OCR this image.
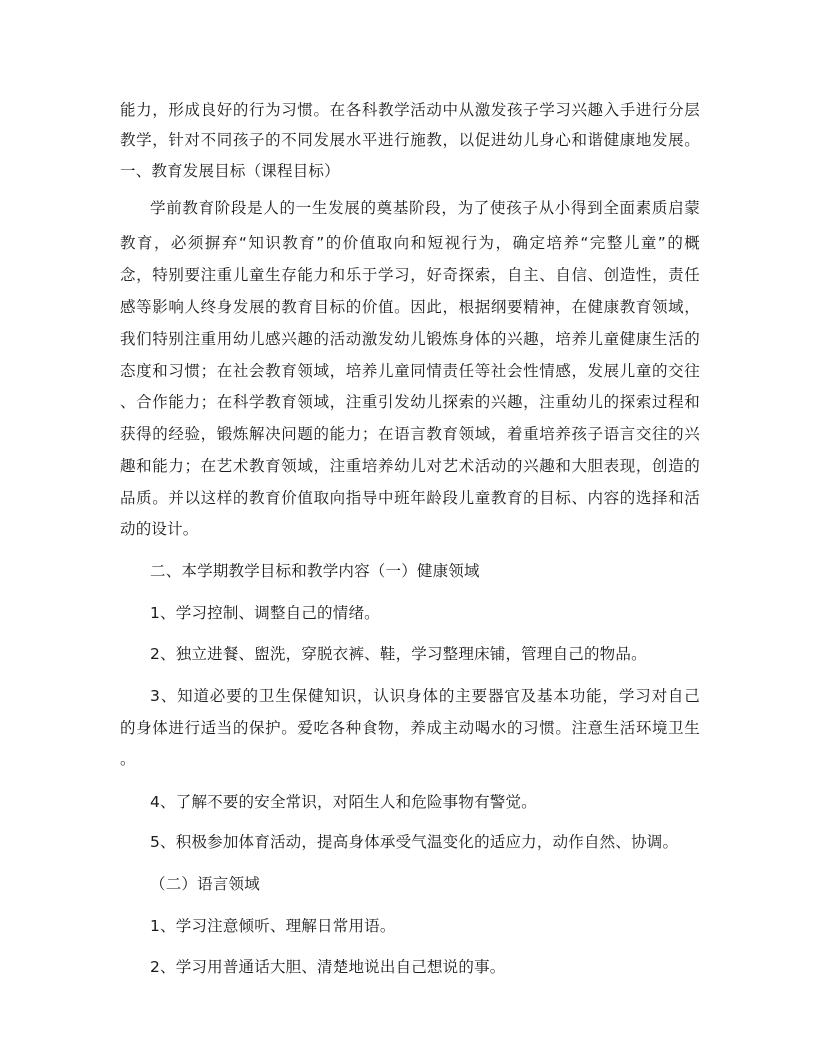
能力，形成良好的行为习惯。在各科教学活动中从激发孩子学习兴趣入手进行分层
教学，针对不同孩子的不同发展水平进行施教，以促进幼儿身心和谐健康地发展。
一、教育发展目标（课程目标）
学前教育阶段是人的一生发展的奠基阶段，为了使孩子从小得到全面素质启蒙
教育，必须摒弃“知识教育”的价值取向和短视行为，确定培养“完整儿童”的概
念，特别要注重儿童生存能力和乐于学习，好奇探索，自主、自信、创造性，责任
感等影响人终身发展的教育目标的价值。因此，根据纲要精神，在健康教育领域，
我们特别注重用幼儿感兴趣的活动激发幼儿锻炼身体的兴趣，培养儿童健康生活的
态度和习惯；在社会教育领域，培养儿童同情责任等社会性情感，发展儿童的交往
、合作能力；在科学教育领域，注重引发幼儿探索的兴趣，注重幼儿的探索过程和
获得的经验，锻炼解决问题的能力；在语言教育领域，着重培养孩子语言交往的兴
趣和能力；在艺术教育领域，注重培养幼儿对艺术活动的兴趣和大胆表现，创造的
品质。并以这样的教育价值取向指导中班年龄段儿童教育的目标、内容的选择和活
动的设计。
二、本学期教学目标和教学内容（一）健康领域
1、学习控制、调整自己的情绪。
2、独立进餐、盥洗，穿脱衣裤、鞋，学习整理床铺，管理自己的物品。
3、知道必要的卫生保健知识，认识身体的主要器官及基本功能，学习对自己
的身体进行适当的保护。爱吃各种食物，养成主动喝水的习惯。注意生活环境卫生
。
4、了解不要的安全常识，对陌生人和危险事物有警觉。
5、积极参加体育活动，提高身体承受气温变化的适应力，动作自然、协调。
（二）语言领域
1、学习注意倾听、理解日常用语。
2、学习用普通话大胆、清楚地说出自己想说的事。
